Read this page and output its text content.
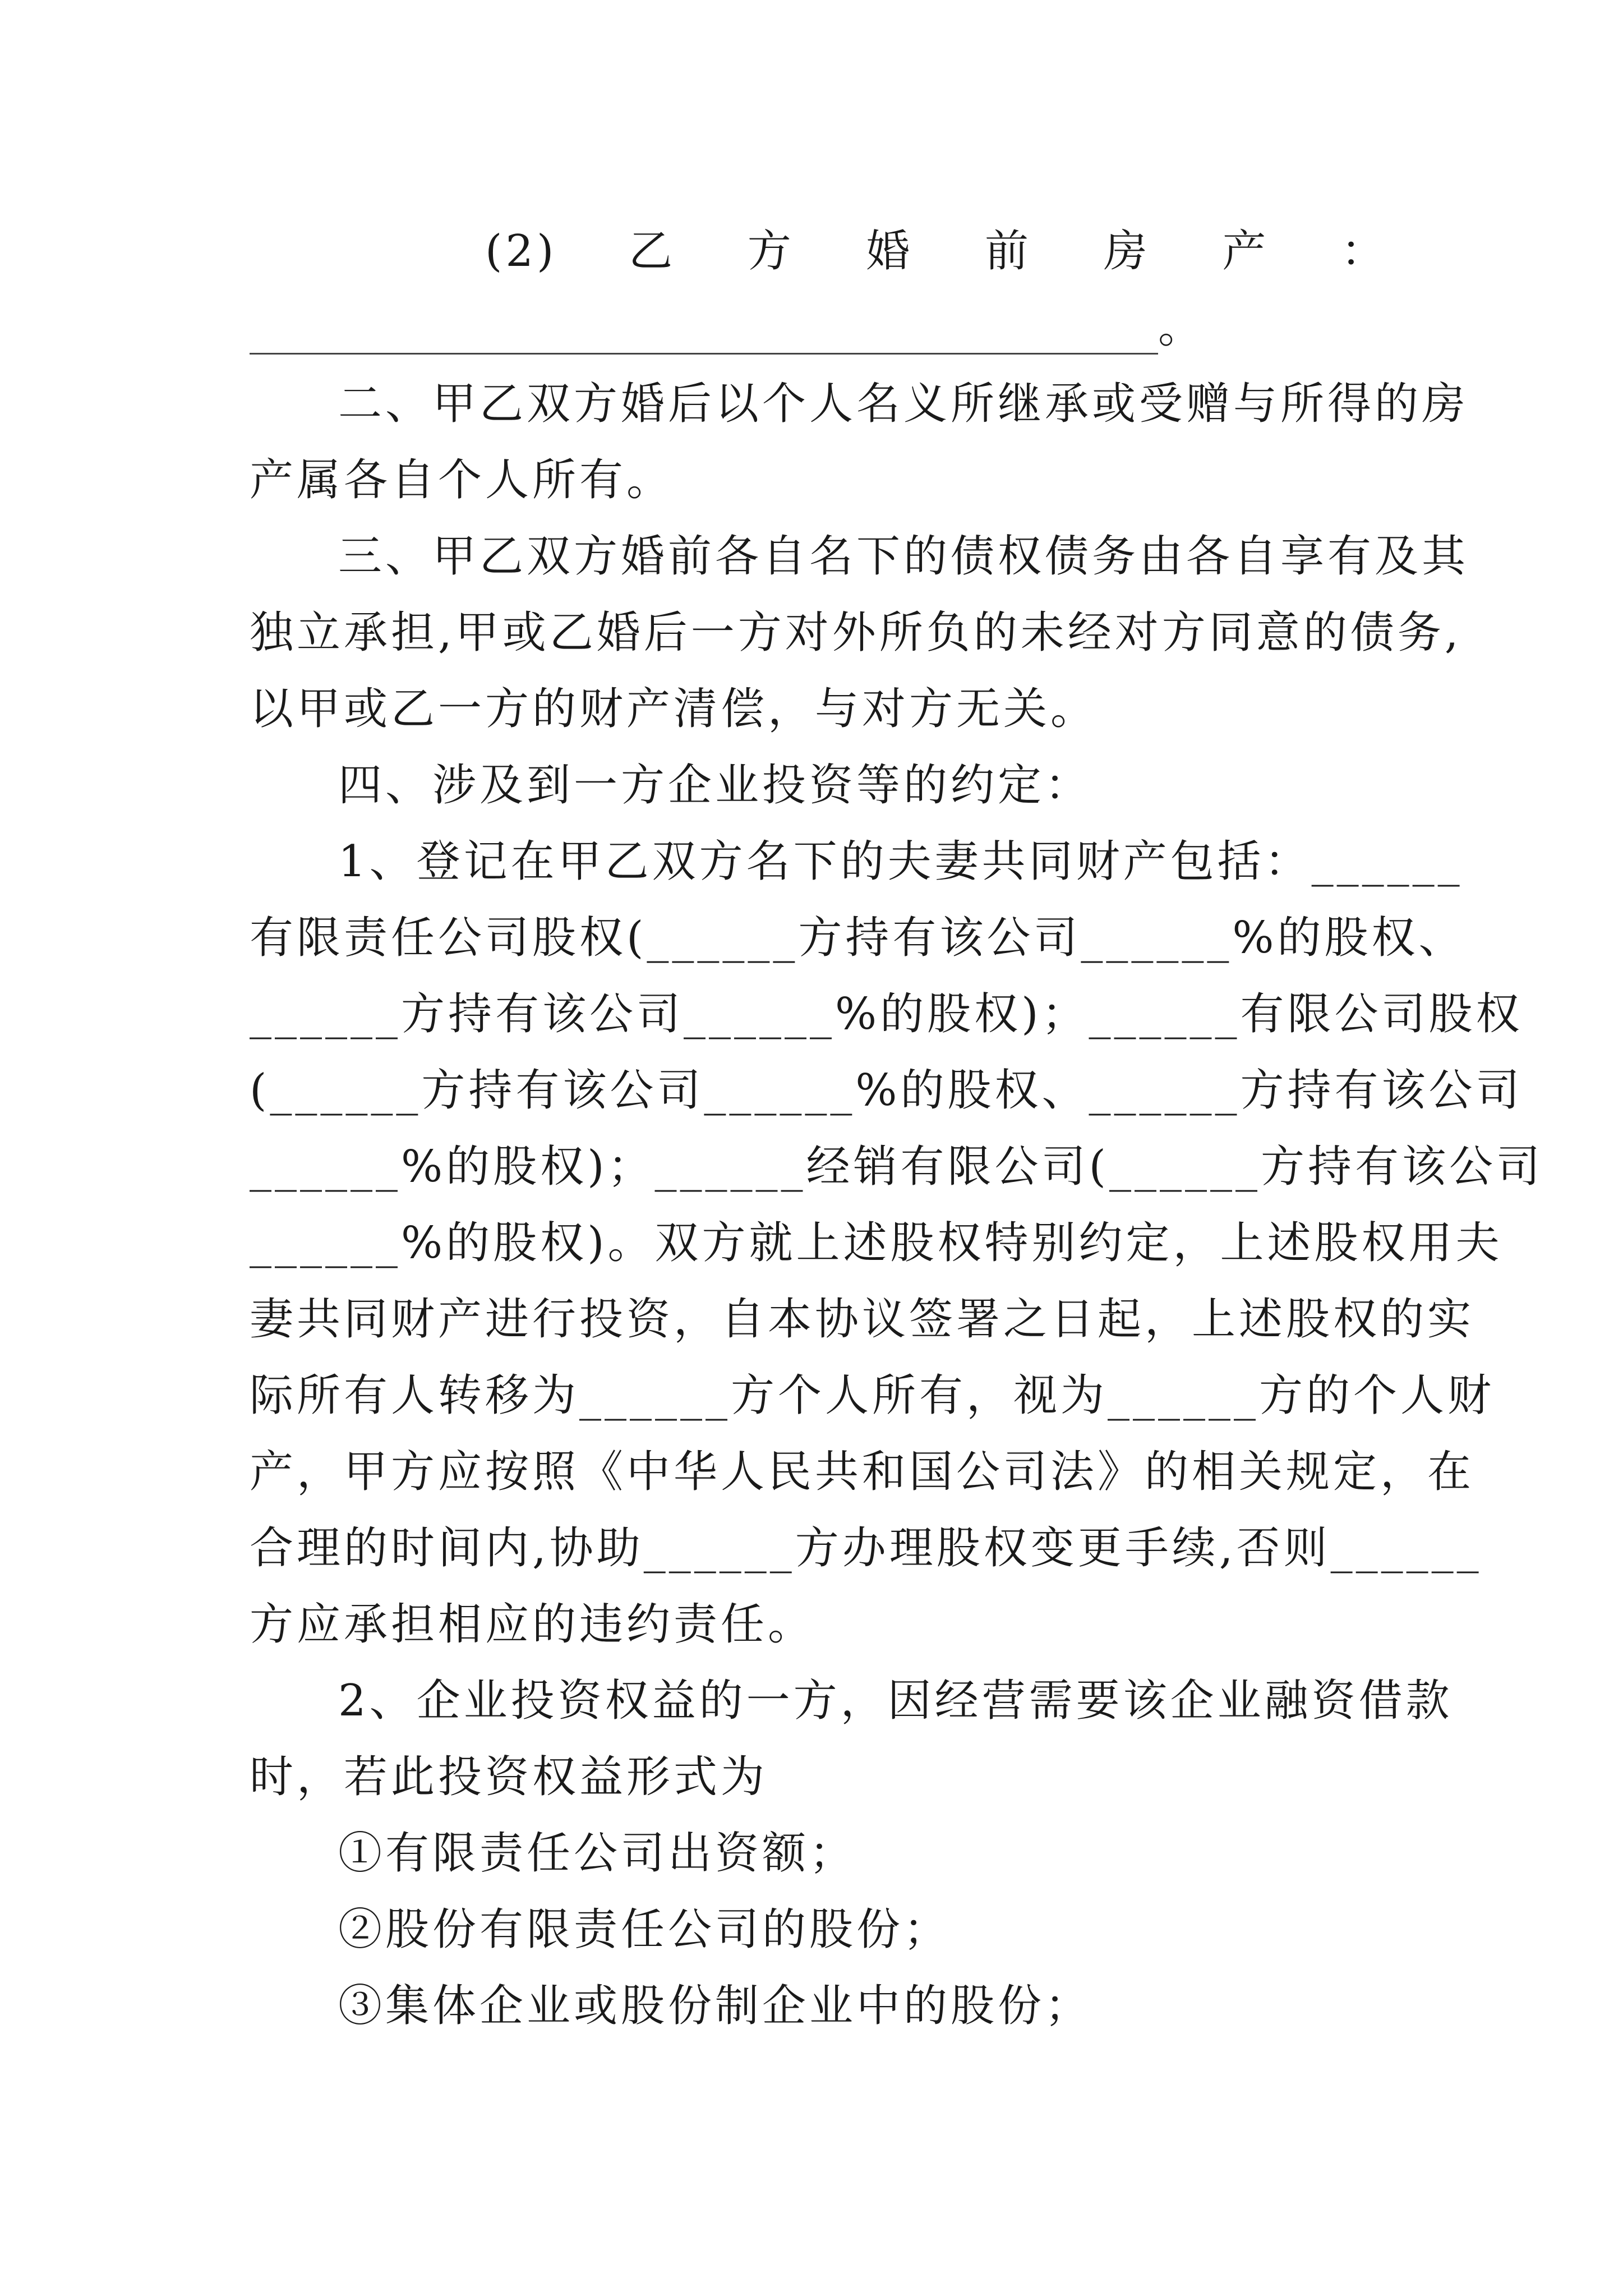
(2) 乙 方 婚 前 房 产 ：
。
二、甲乙双方婚后以个人名义所继承或受赠与所得的房
产属各自个人所有。
三、甲乙双方婚前各自名下的债权债务由各自享有及其
独立承担,甲或乙婚后一方对外所负的未经对方同意的债务,
以甲或乙一方的财产清偿，与对方无关。
四、涉及到一方企业投资等的约定：
1、登记在甲乙双方名下的夫妻共同财产包括：______
有限责任公司股权(______方持有该公司______%的股权、
______方持有该公司______%的股权)；______有限公司股权
(______方持有该公司______%的股权、______方持有该公司
______%的股权)；______经销有限公司(______方持有该公司
______%的股权)。双方就上述股权特别约定，上述股权用夫
妻共同财产进行投资，自本协议签署之日起，上述股权的实
际所有人转移为______方个人所有，视为______方的个人财
产，甲方应按照《中华人民共和国公司法》的相关规定，在
合理的时间内,协助______方办理股权变更手续,否则______
方应承担相应的违约责任。
2、企业投资权益的一方，因经营需要该企业融资借款
时，若此投资权益形式为
①有限责任公司出资额；
②股份有限责任公司的股份；
③集体企业或股份制企业中的股份；
